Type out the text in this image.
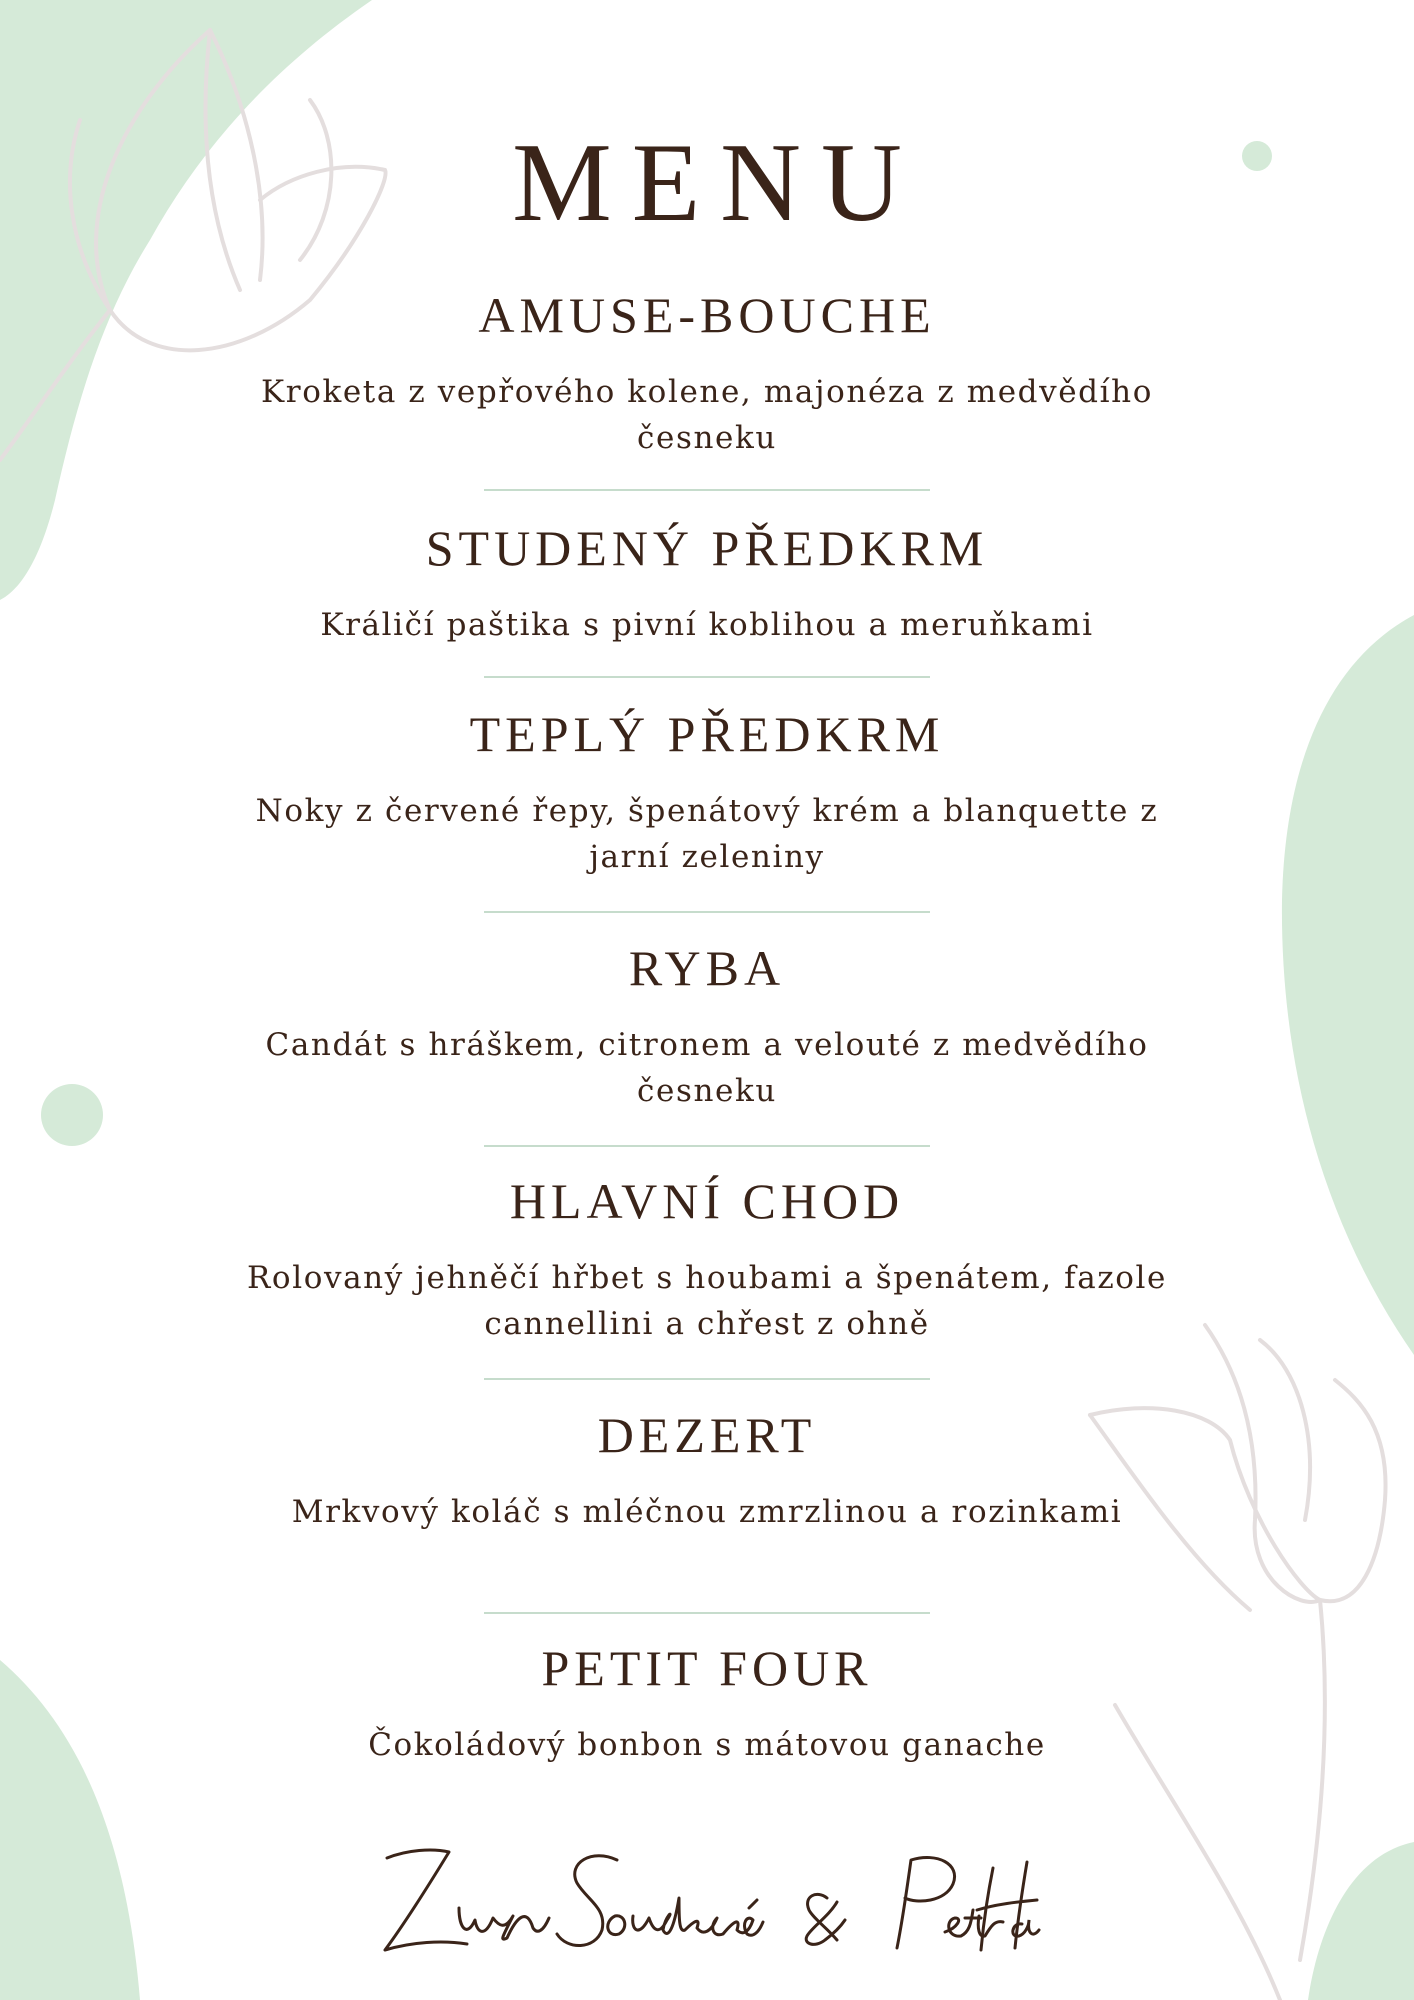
MENU
AMUSE-BOUCHE

Kroketa z vepřového kolene, majonéza z medvědího česneku

STUDENÝ PŘEDKRM

Králičí paštika s pivní koblihou a meruňkami

TEPLÝ PŘEDKRM

Noky z červené řepy, špenátový krém a blanquette z jarní zeleniny

RYBA

Candát s hráškem, citronem a velouté z medvědího česneku

HLAVNÍ CHOD

Rolovaný jehněčí hřbet s houbami a špenátem, fazole cannellini a chřest z ohně

DEZERT

Mrkvový koláč s mléčnou zmrzlinou a rozinkami

PETIT FOUR

Čokoládový bonbon s mátovou ganache
